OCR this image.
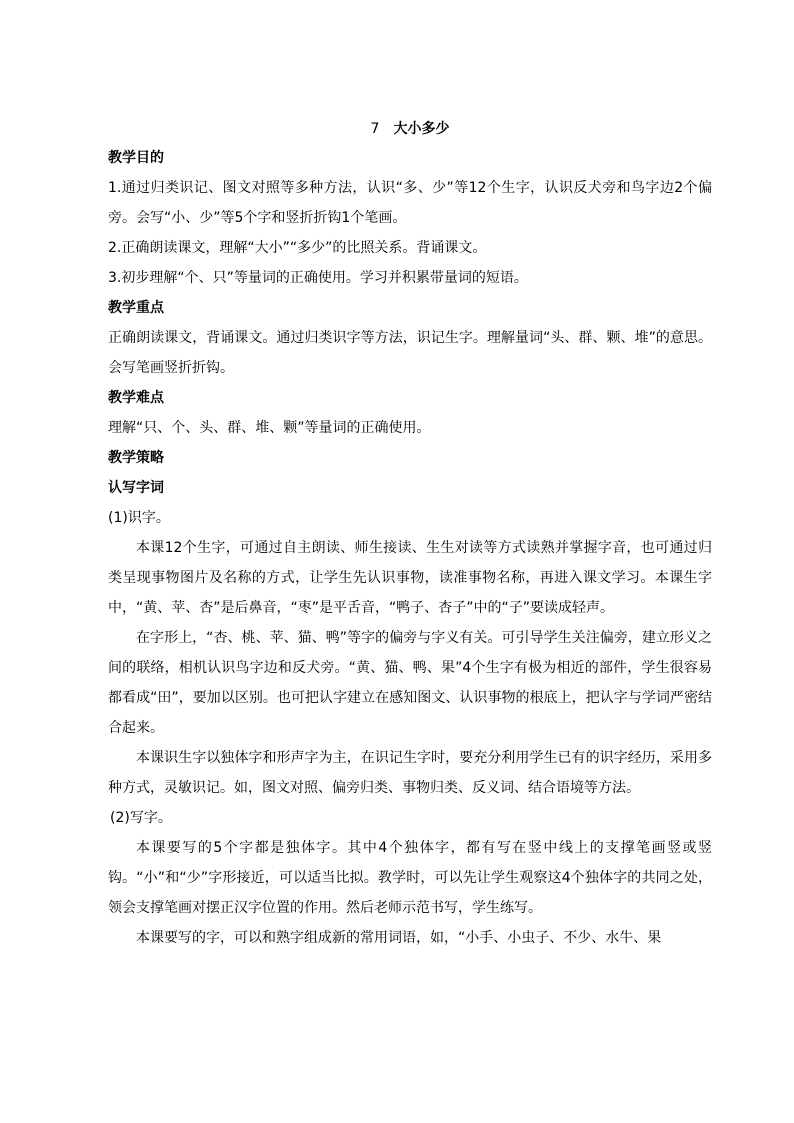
7 大小多少

教学目的

1.通过归类识记、图文对照等多种方法，认识“多、少”等12个生字，认识反犬旁和鸟字边2个偏旁。会写“小、少”等5个字和竖折折钩1个笔画。

2.正确朗读课文，理解“大小”“多少”的比照关系。背诵课文。

3.初步理解“个、只”等量词的正确使用。学习并积累带量词的短语。

教学重点

正确朗读课文，背诵课文。通过归类识字等方法，识记生字。理解量词“头、群、颗、堆”的意思。会写笔画竖折折钩。

教学难点

理解“只、个、头、群、堆、颗”等量词的正确使用。

教学策略

认写字词

(1)识字。

本课12个生字，可通过自主朗读、师生接读、生生对读等方式读熟并掌握字音，也可通过归类呈现事物图片及名称的方式，让学生先认识事物，读准事物名称，再进入课文学习。本课生字中，“黄、苹、杏”是后鼻音，“枣”是平舌音，“鸭子、杏子”中的“子”要读成轻声。

在字形上，“杏、桃、苹、猫、鸭”等字的偏旁与字义有关。可引导学生关注偏旁，建立形义之间的联络，相机认识鸟字边和反犬旁。“黄、猫、鸭、果”4个生字有极为相近的部件，学生很容易都看成“田”，要加以区别。也可把认字建立在感知图文、认识事物的根底上，把认字与学词严密结合起来。

本课识生字以独体字和形声字为主，在识记生字时，要充分利用学生已有的识字经历，采用多种方式，灵敏识记。如，图文对照、偏旁归类、事物归类、反义词、结合语境等方法。

(2)写字。

本课要写的5个字都是独体字。其中4个独体字，都有写在竖中线上的支撑笔画竖或竖钩。“小”和“少”字形接近，可以适当比拟。教学时，可以先让学生观察这4个独体字的共同之处，领会支撑笔画对摆正汉字位置的作用。然后老师示范书写，学生练写。

本课要写的字，可以和熟字组成新的常用词语，如，“小手、小虫子、不少、水牛、果
